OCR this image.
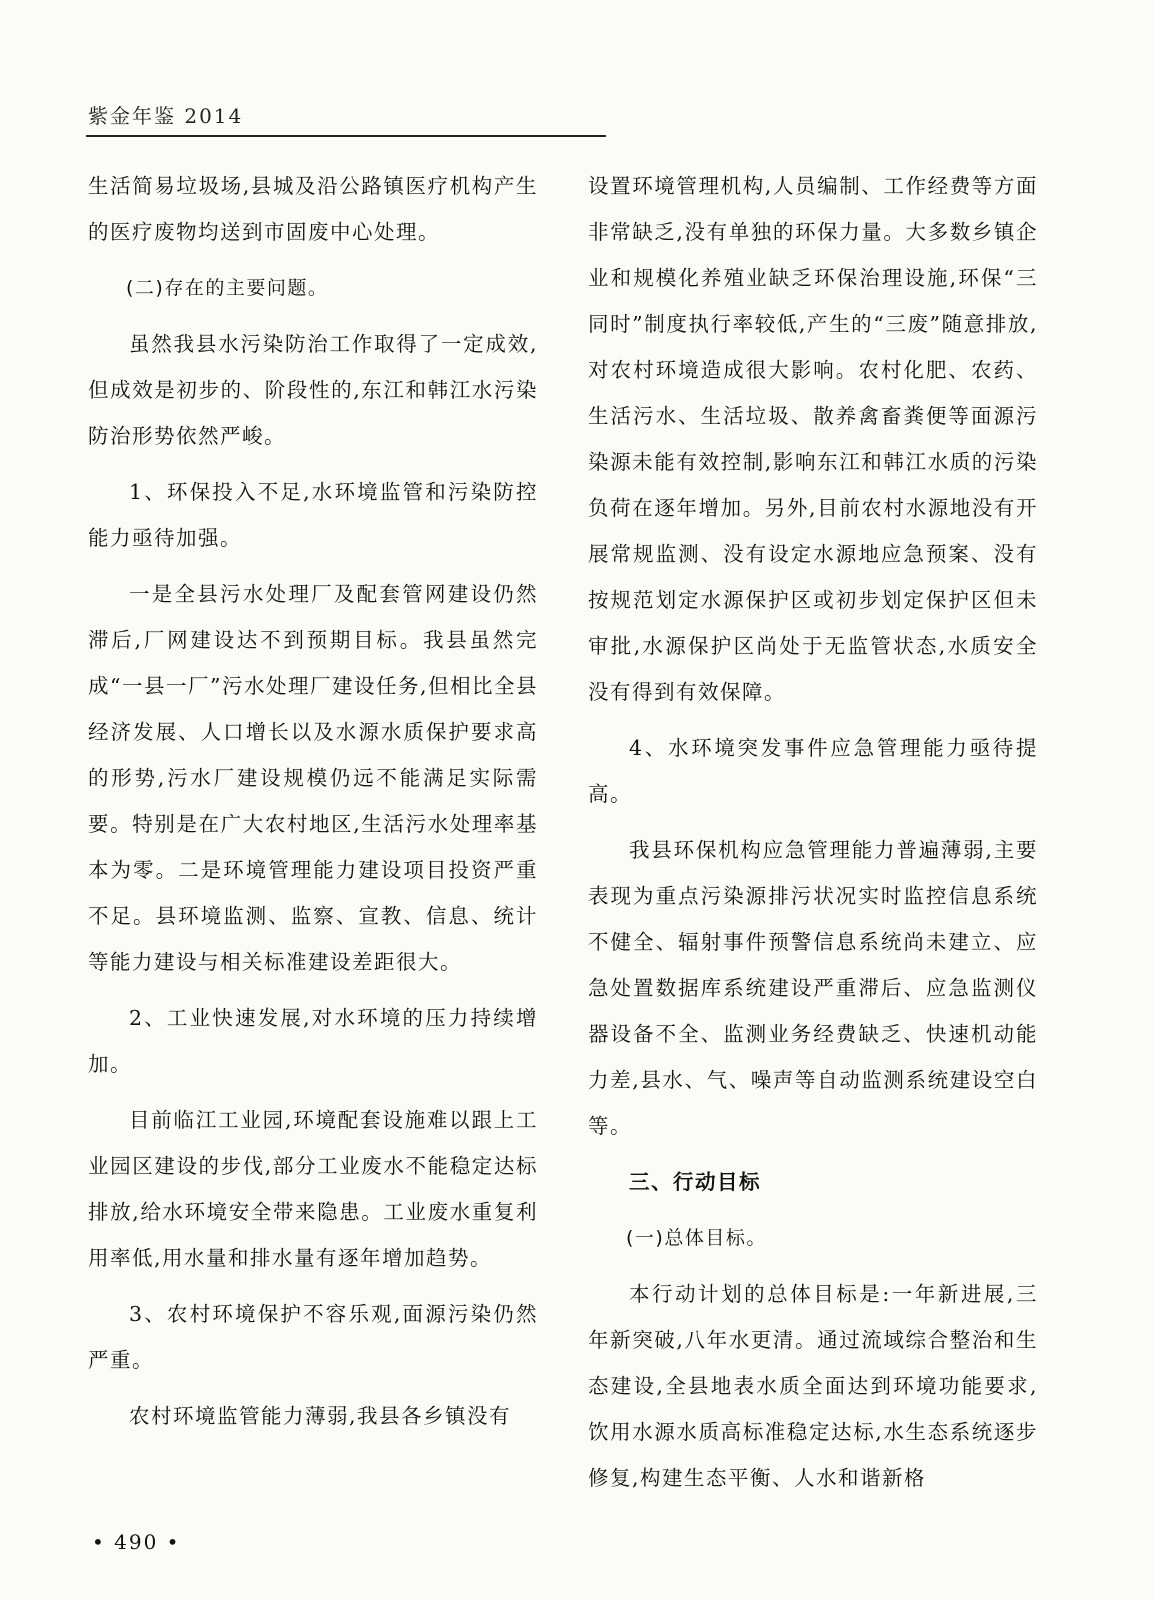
紫金年鉴 2014

生活简易垃圾场,县城及沿公路镇医疗机构产生的医疗废物均送到市固废中心处理。

(二)存在的主要问题。

虽然我县水污染防治工作取得了一定成效,但成效是初步的、阶段性的,东江和韩江水污染防治形势依然严峻。

1、环保投入不足,水环境监管和污染防控能力亟待加强。

一是全县污水处理厂及配套管网建设仍然滞后,厂网建设达不到预期目标。我县虽然完成“一县一厂”污水处理厂建设任务,但相比全县经济发展、人口增长以及水源水质保护要求高的形势,污水厂建设规模仍远不能满足实际需要。特别是在广大农村地区,生活污水处理率基本为零。二是环境管理能力建设项目投资严重不足。县环境监测、监察、宣教、信息、统计等能力建设与相关标准建设差距很大。

2、工业快速发展,对水环境的压力持续增加。

目前临江工业园,环境配套设施难以跟上工业园区建设的步伐,部分工业废水不能稳定达标排放,给水环境安全带来隐患。工业废水重复利用率低,用水量和排水量有逐年增加趋势。

3、农村环境保护不容乐观,面源污染仍然严重。

农村环境监管能力薄弱,我县各乡镇没有

设置环境管理机构,人员编制、工作经费等方面非常缺乏,没有单独的环保力量。大多数乡镇企业和规模化养殖业缺乏环保治理设施,环保“三同时”制度执行率较低,产生的“三废”随意排放,对农村环境造成很大影响。农村化肥、农药、生活污水、生活垃圾、散养禽畜粪便等面源污染源未能有效控制,影响东江和韩江水质的污染负荷在逐年增加。另外,目前农村水源地没有开展常规监测、没有设定水源地应急预案、没有按规范划定水源保护区或初步划定保护区但未审批,水源保护区尚处于无监管状态,水质安全没有得到有效保障。

4、水环境突发事件应急管理能力亟待提高。

我县环保机构应急管理能力普遍薄弱,主要表现为重点污染源排污状况实时监控信息系统不健全、辐射事件预警信息系统尚未建立、应急处置数据库系统建设严重滞后、应急监测仪器设备不全、监测业务经费缺乏、快速机动能力差,县水、气、噪声等自动监测系统建设空白等。

三、行动目标

(一)总体目标。

本行动计划的总体目标是:一年新进展,三年新突破,八年水更清。通过流域综合整治和生态建设,全县地表水质全面达到环境功能要求,饮用水源水质高标准稳定达标,水生态系统逐步修复,构建生态平衡、人水和谐新格

• 490 •
